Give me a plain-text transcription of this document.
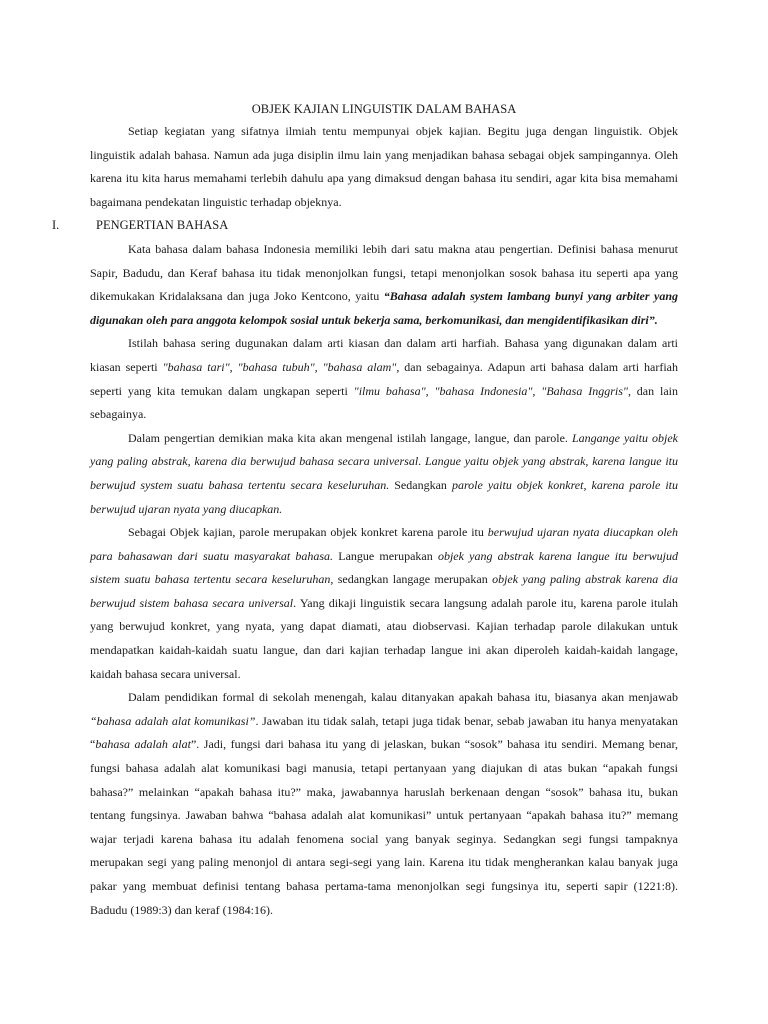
OBJEK KAJIAN LINGUISTIK DALAM BAHASA

Setiap kegiatan yang sifatnya ilmiah tentu mempunyai objek kajian. Begitu juga dengan linguistik. Objek linguistik adalah bahasa. Namun ada juga disiplin ilmu lain yang menjadikan bahasa sebagai objek sampingannya. Oleh karena itu kita harus memahami terlebih dahulu apa yang dimaksud dengan bahasa itu sendiri, agar kita bisa memahami bagaimana pendekatan linguistic terhadap objeknya.

I.	PENGERTIAN BAHASA

Kata bahasa dalam bahasa Indonesia memiliki lebih dari satu makna atau pengertian. Definisi bahasa menurut Sapir, Badudu, dan Keraf bahasa itu tidak menonjolkan fungsi, tetapi menonjolkan sosok bahasa itu seperti apa yang dikemukakan Kridalaksana dan juga Joko Kentcono, yaitu “Bahasa adalah system lambang bunyi yang arbiter yang digunakan oleh para anggota kelompok sosial untuk bekerja sama, berkomunikasi, dan mengidentifikasikan diri”.

Istilah bahasa sering dugunakan dalam arti kiasan dan dalam arti harfiah. Bahasa yang digunakan dalam arti kiasan seperti "bahasa tari", "bahasa tubuh", "bahasa alam", dan sebagainya. Adapun arti bahasa dalam arti harfiah seperti yang kita temukan dalam ungkapan seperti "ilmu bahasa", "bahasa Indonesia", "Bahasa Inggris", dan lain sebagainya.

Dalam pengertian demikian maka kita akan mengenal istilah langage, langue, dan parole. Langange yaitu objek yang paling abstrak, karena dia berwujud bahasa secara universal. Langue yaitu objek yang abstrak, karena langue itu berwujud system suatu bahasa tertentu secara keseluruhan. Sedangkan parole yaitu objek konkret, karena parole itu berwujud ujaran nyata yang diucapkan.

Sebagai Objek kajian, parole merupakan objek konkret karena parole itu berwujud ujaran nyata diucapkan oleh para bahasawan dari suatu masyarakat bahasa. Langue merupakan objek yang abstrak karena langue itu berwujud sistem suatu bahasa tertentu secara keseluruhan, sedangkan langage merupakan objek yang paling abstrak karena dia berwujud sistem bahasa secara universal. Yang dikaji linguistik secara langsung adalah parole itu, karena parole itulah yang berwujud konkret, yang nyata, yang dapat diamati, atau diobservasi. Kajian terhadap parole dilakukan untuk mendapatkan kaidah-kaidah suatu langue, dan dari kajian terhadap langue ini akan diperoleh kaidah-kaidah langage, kaidah bahasa secara universal.

Dalam pendidikan formal di sekolah menengah, kalau ditanyakan apakah bahasa itu, biasanya akan menjawab “bahasa adalah alat komunikasi”. Jawaban itu tidak salah, tetapi juga tidak benar, sebab jawaban itu hanya menyatakan “bahasa adalah alat”. Jadi, fungsi dari bahasa itu yang di jelaskan, bukan “sosok” bahasa itu sendiri. Memang benar, fungsi bahasa adalah alat komunikasi bagi manusia, tetapi pertanyaan yang diajukan di atas bukan “apakah fungsi bahasa?” melainkan “apakah bahasa itu?” maka, jawabannya haruslah berkenaan dengan “sosok” bahasa itu, bukan tentang fungsinya. Jawaban bahwa “bahasa adalah alat komunikasi” untuk pertanyaan “apakah bahasa itu?” memang wajar terjadi karena bahasa itu adalah fenomena social yang banyak seginya. Sedangkan segi fungsi tampaknya merupakan segi yang paling menonjol di antara segi-segi yang lain. Karena itu tidak mengherankan kalau banyak juga pakar yang membuat definisi tentang bahasa pertama-tama menonjolkan segi fungsinya itu, seperti sapir (1221:8). Badudu (1989:3) dan keraf (1984:16).
